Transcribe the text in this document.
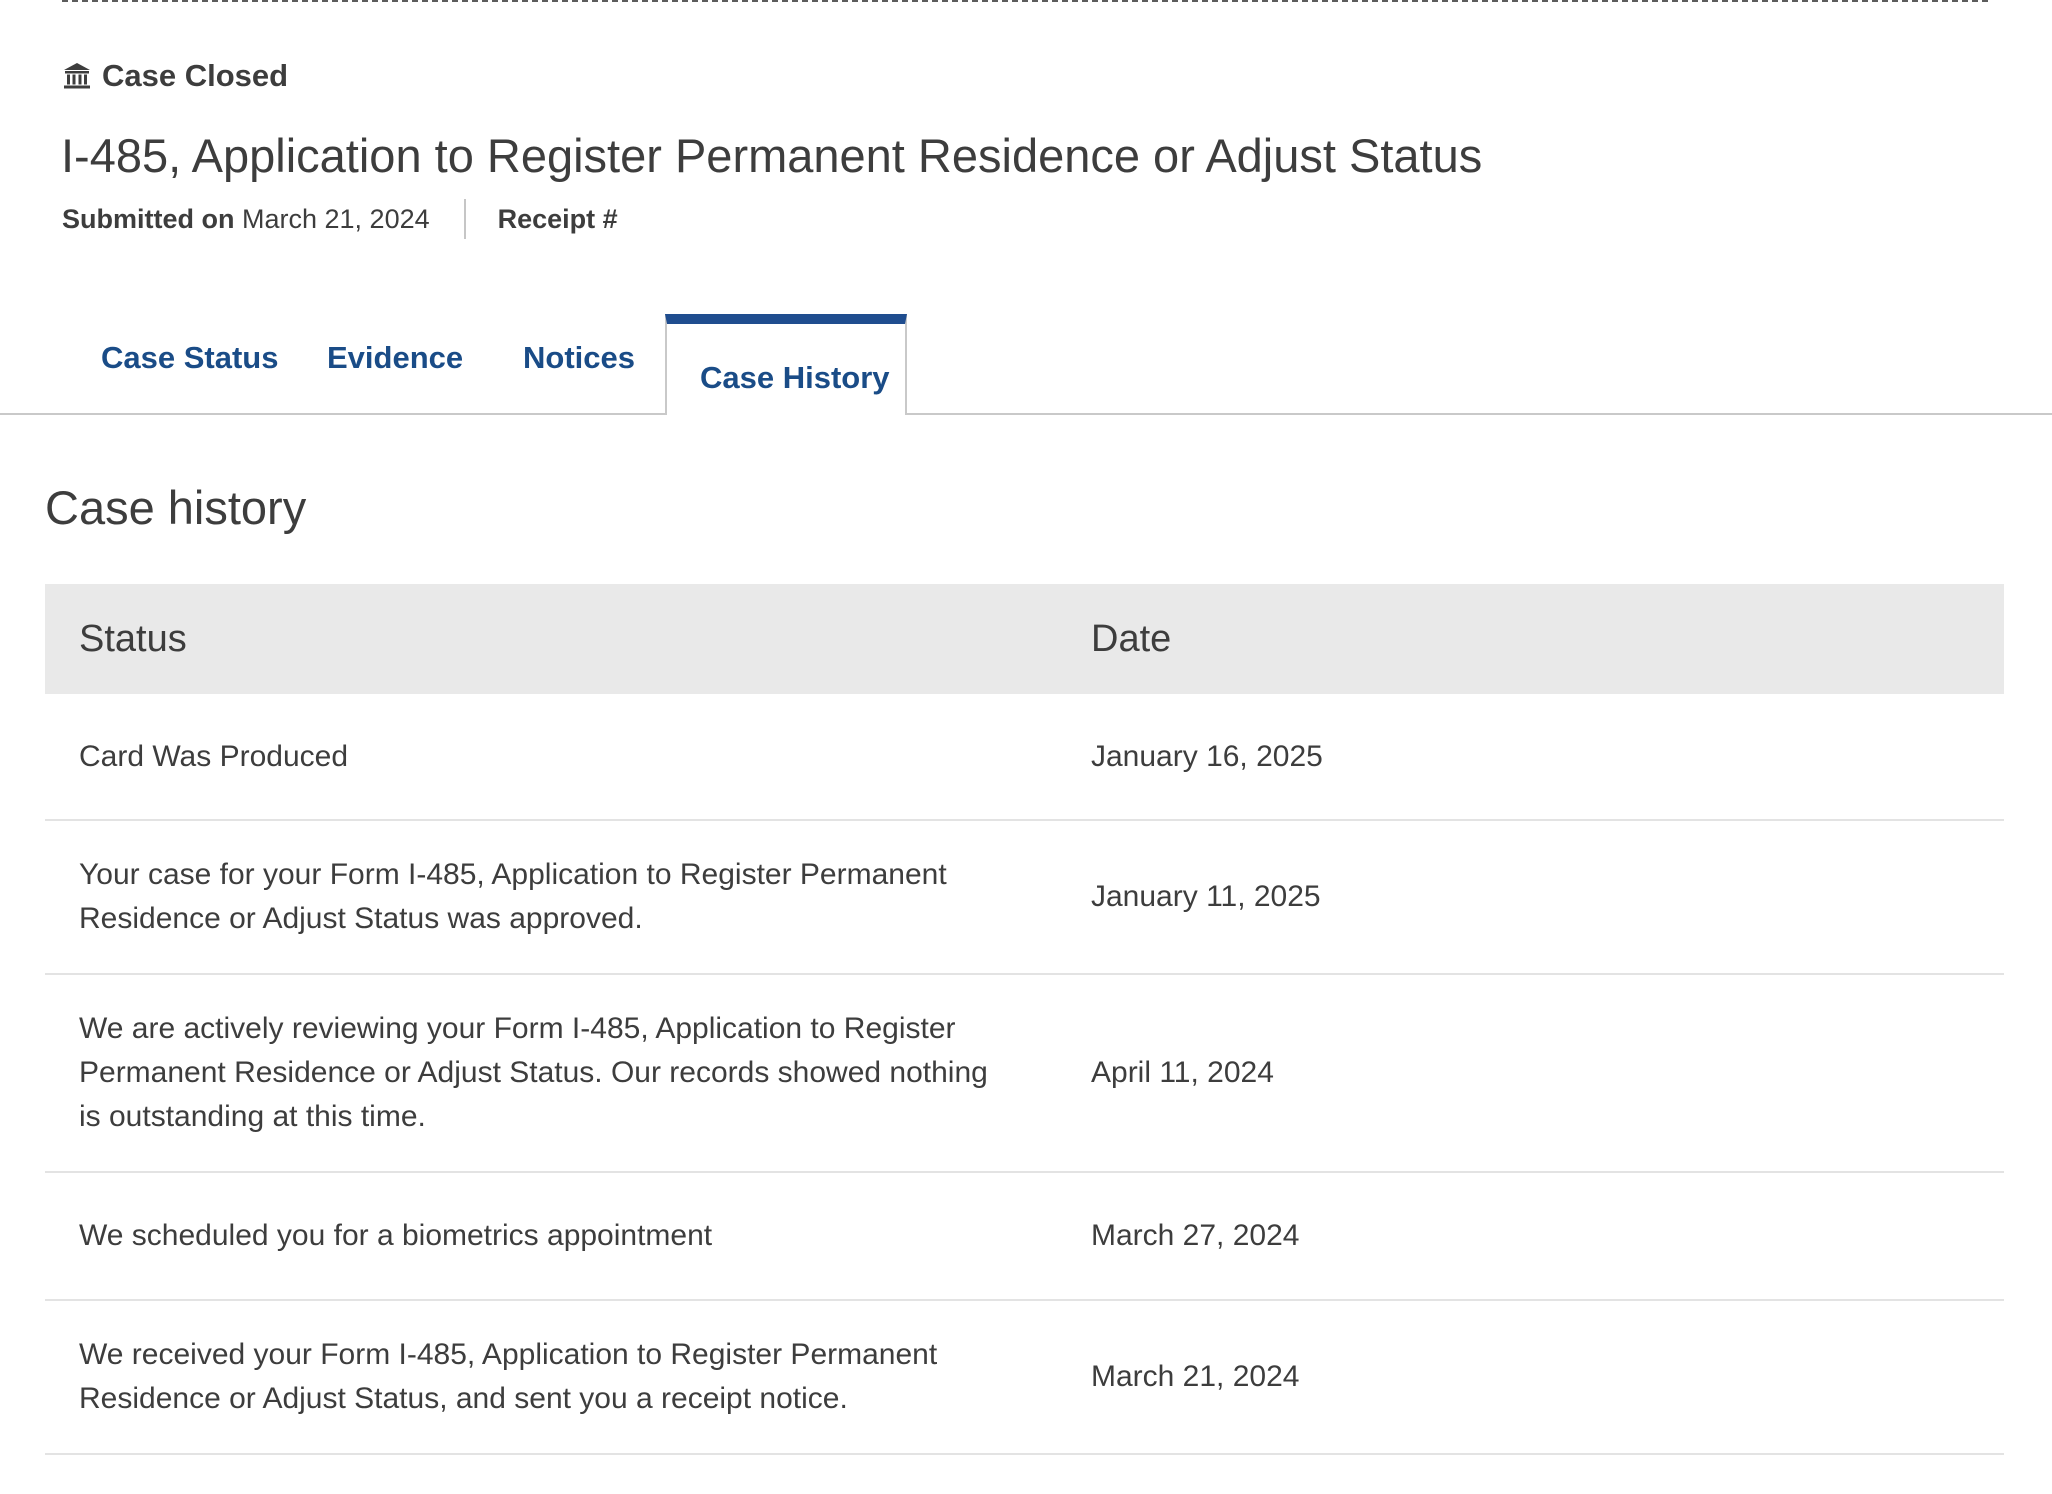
Case Closed
I-485, Application to Register Permanent Residence or Adjust Status
Submitted on
March 21, 2024	Receipt #
Case Status Evidence Notices
Case History
Case history
Status	Date
Card Was Produced	January 16, 2025
Your case for your Form I-485, Application to Register Permanent Residence or Adjust Status was approved.	January 11, 2025
We are actively reviewing your Form I-485, Application to Register Permanent Residence or Adjust Status. Our records showed nothing is outstanding at this time.	April 11, 2024
We scheduled you for a biometrics appointment	March 27, 2024
We received your Form I-485, Application to Register Permanent Residence or Adjust Status, and sent you a receipt notice.	March 21, 2024
